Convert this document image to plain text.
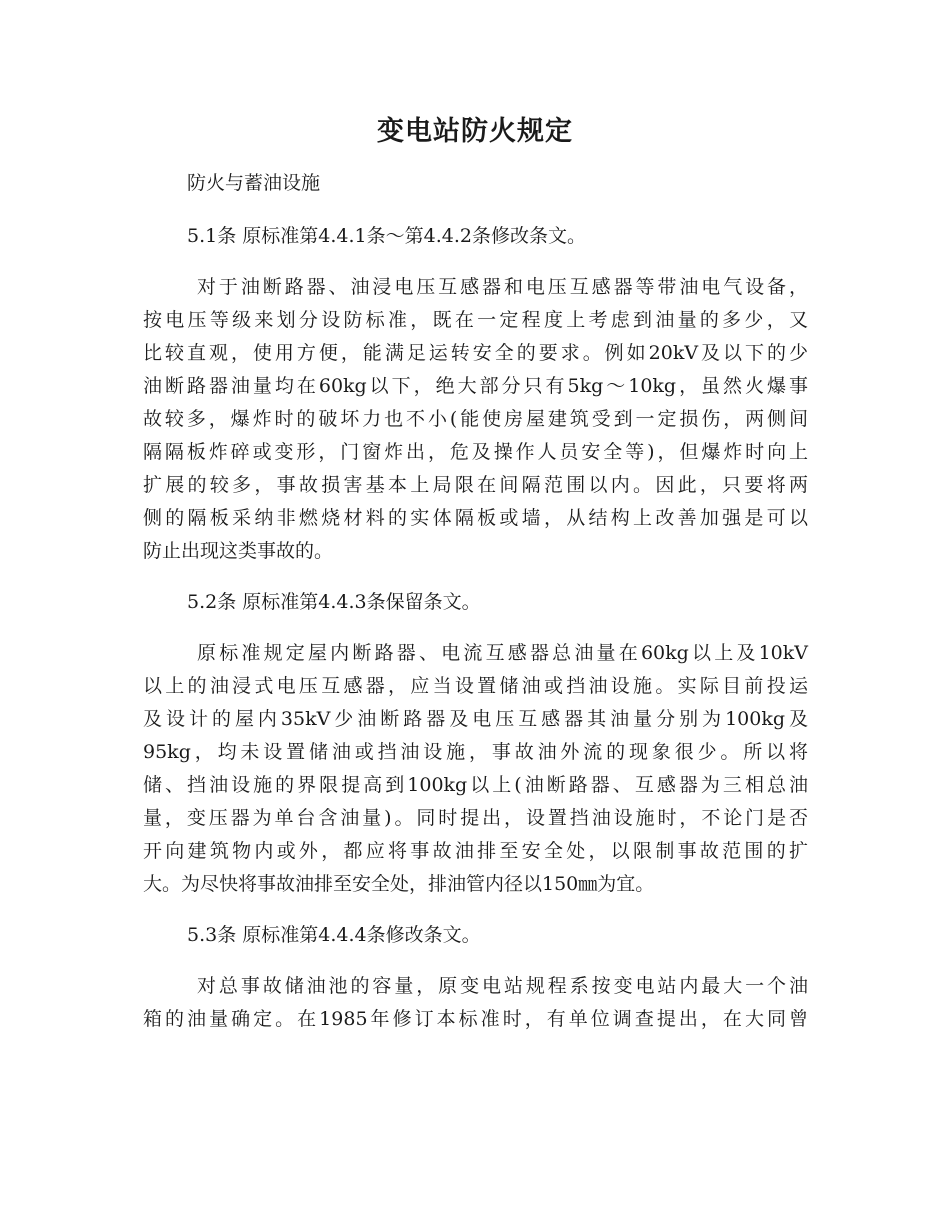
变电站防火规定

防火与蓄油设施

5.1条 原标准第4.4.1条～第4.4.2条修改条文。

对于油断路器、油浸电压互感器和电压互感器等带油电气设备，

按电压等级来划分设防标准，既在一定程度上考虑到油量的多少，又

比较直观，使用方便，能满足运转安全的要求。例如20kV及以下的少

油断路器油量均在60kg以下，绝大部分只有5kg～10kg，虽然火爆事

故较多，爆炸时的破坏力也不小(能使房屋建筑受到一定损伤，两侧间

隔隔板炸碎或变形，门窗炸出，危及操作人员安全等)，但爆炸时向上

扩展的较多，事故损害基本上局限在间隔范围以内。因此，只要将两

侧的隔板采纳非燃烧材料的实体隔板或墙，从结构上改善加强是可以

防止出现这类事故的。

5.2条 原标准第4.4.3条保留条文。

原标准规定屋内断路器、电流互感器总油量在60kg以上及10kV

以上的油浸式电压互感器，应当设置储油或挡油设施。实际目前投运

及设计的屋内35kV少油断路器及电压互感器其油量分别为100kg及

95kg，均未设置储油或挡油设施，事故油外流的现象很少。所以将

储、挡油设施的界限提高到100kg以上(油断路器、互感器为三相总油

量，变压器为单台含油量)。同时提出，设置挡油设施时，不论门是否

开向建筑物内或外，都应将事故油排至安全处，以限制事故范围的扩

大。为尽快将事故油排至安全处，排油管内径以150㎜为宜。

5.3条 原标准第4.4.4条修改条文。

对总事故储油池的容量，原变电站规程系按变电站内最大一个油

箱的油量确定。在1985年修订本标准时，有单位调查提出，在大同曾
